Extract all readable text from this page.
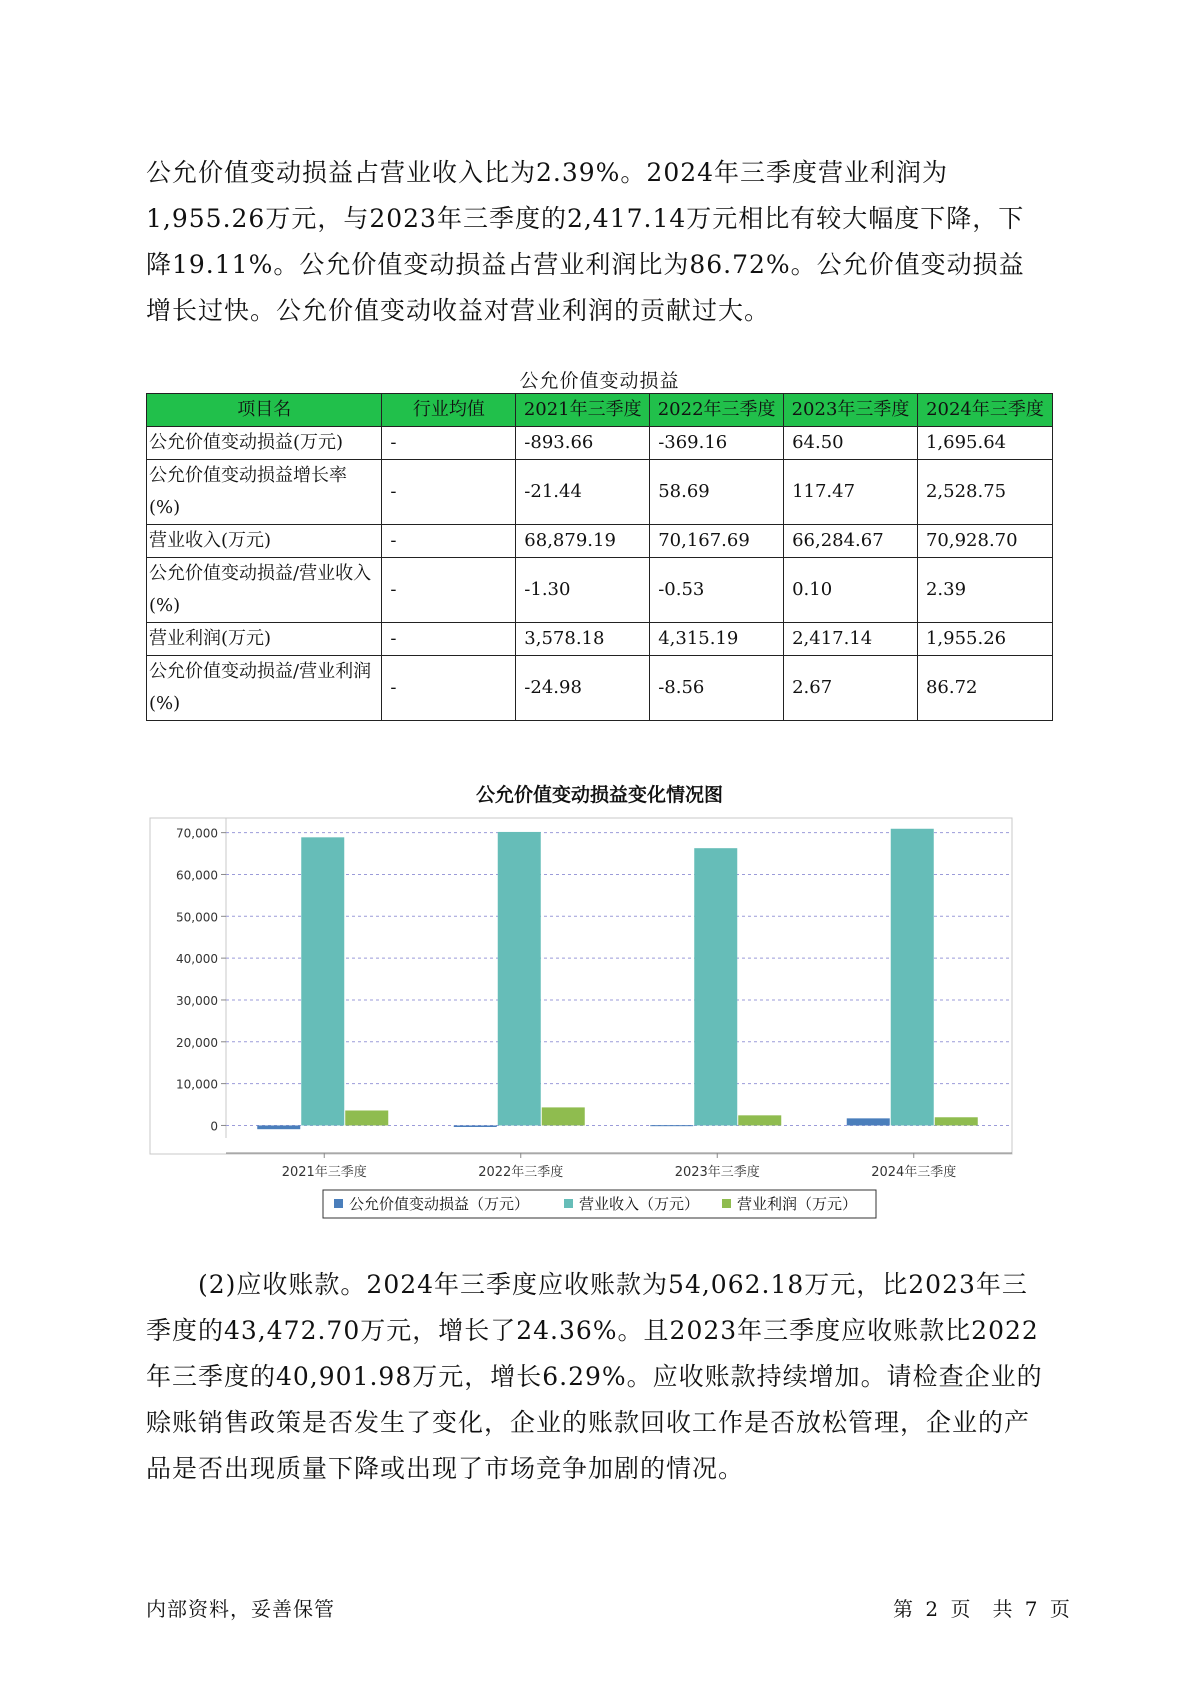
公允价值变动损益占营业收入比为2.39%。2024年三季度营业利润为1,955.26万元，与2023年三季度的2,417.14万元相比有较大幅度下降，下降19.11%。公允价值变动损益占营业利润比为86.72%。公允价值变动损益增长过快。公允价值变动收益对营业利润的贡献过大。

公允价值变动损益
项目名	行业均值	2021年三季度	2022年三季度	2023年三季度	2024年三季度
公允价值变动损益(万元)	-	-893.66	-369.16	64.50	1,695.64
公允价值变动损益增长率(%)	-	-21.44	58.69	117.47	2,528.75
营业收入(万元)	-	68,879.19	70,167.69	66,284.67	70,928.70
公允价值变动损益/营业收入(%)	-	-1.30	-0.53	0.10	2.39
营业利润(万元)	-	3,578.18	4,315.19	2,417.14	1,955.26
公允价值变动损益/营业利润(%)	-	-24.98	-8.56	2.67	86.72
公允价值变动损益变化情况图
0
10,000
20,000
30,000
40,000
50,000
60,000
70,000
2021年三季度	2022年三季度	2023年三季度	2024年三季度
公允价值变动损益（万元）	营业收入（万元）	营业利润（万元）

(2)应收账款。2024年三季度应收账款为54,062.18万元，比2023年三季度的43,472.70万元，增长了24.36%。且2023年三季度应收账款比2022年三季度的40,901.98万元，增长6.29%。应收账款持续增加。请检查企业的赊账销售政策是否发生了变化，企业的账款回收工作是否放松管理，企业的产品是否出现质量下降或出现了市场竞争加剧的情况。

内部资料，妥善保管	第 2 页　共 7 页
